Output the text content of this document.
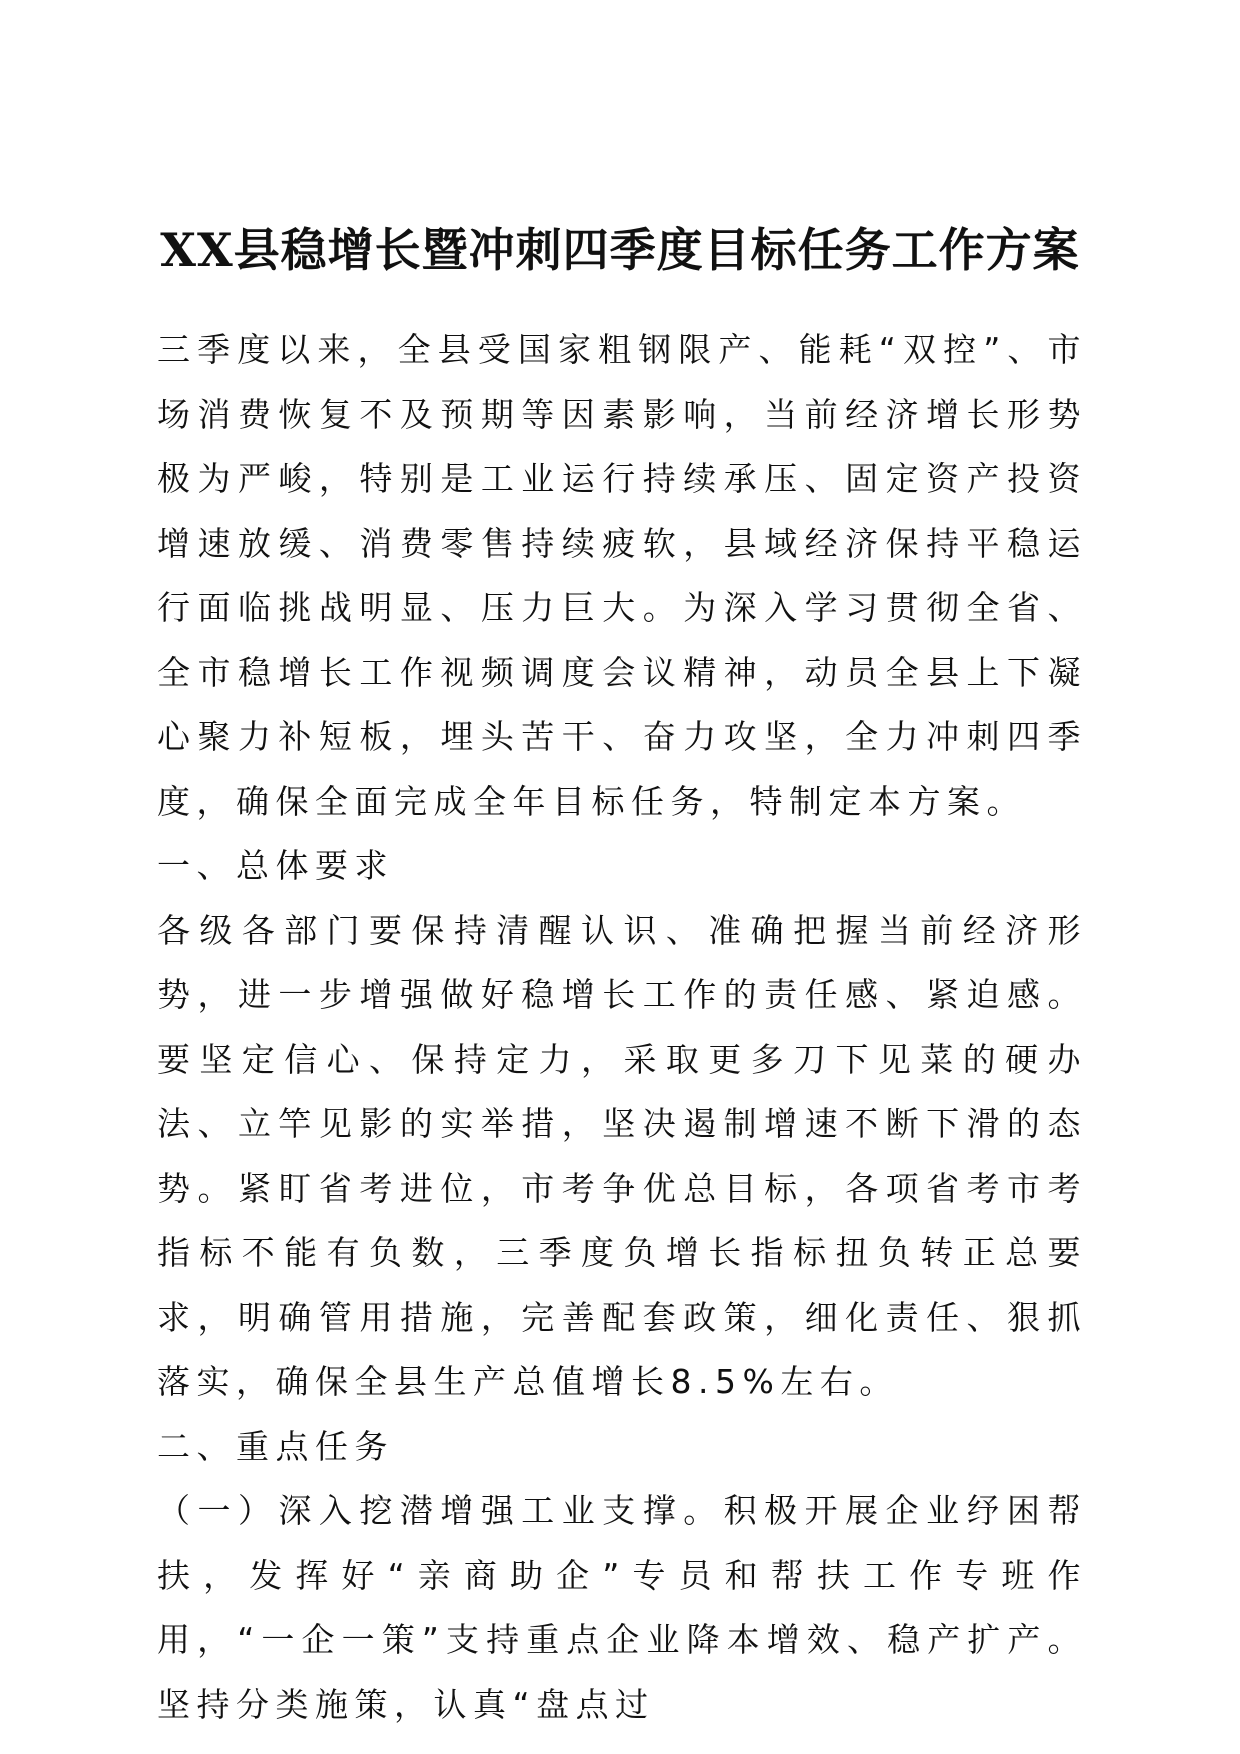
XX县稳增长暨冲刺四季度目标任务工作方案

三季度以来，全县受国家粗钢限产、能耗“双控”、市场消费恢复不及预期等因素影响，当前经济增长形势极为严峻，特别是工业运行持续承压、固定资产投资增速放缓、消费零售持续疲软，县域经济保持平稳运行面临挑战明显、压力巨大。为深入学习贯彻全省、全市稳增长工作视频调度会议精神，动员全县上下凝心聚力补短板，埋头苦干、奋力攻坚，全力冲刺四季度，确保全面完成全年目标任务，特制定本方案。

一、总体要求

各级各部门要保持清醒认识、准确把握当前经济形势，进一步增强做好稳增长工作的责任感、紧迫感。要坚定信心、保持定力，采取更多刀下见菜的硬办法、立竿见影的实举措，坚决遏制增速不断下滑的态势。紧盯省考进位，市考争优总目标，各项省考市考指标不能有负数，三季度负增长指标扭负转正总要求，明确管用措施，完善配套政策，细化责任、狠抓落实，确保全县生产总值增长8.5%左右。

二、重点任务

（一）深入挖潜增强工业支撑。积极开展企业纾困帮扶，发挥好“亲商助企”专员和帮扶工作专班作用，“一企一策”支持重点企业降本增效、稳产扩产。坚持分类施策，认真“盘点过
